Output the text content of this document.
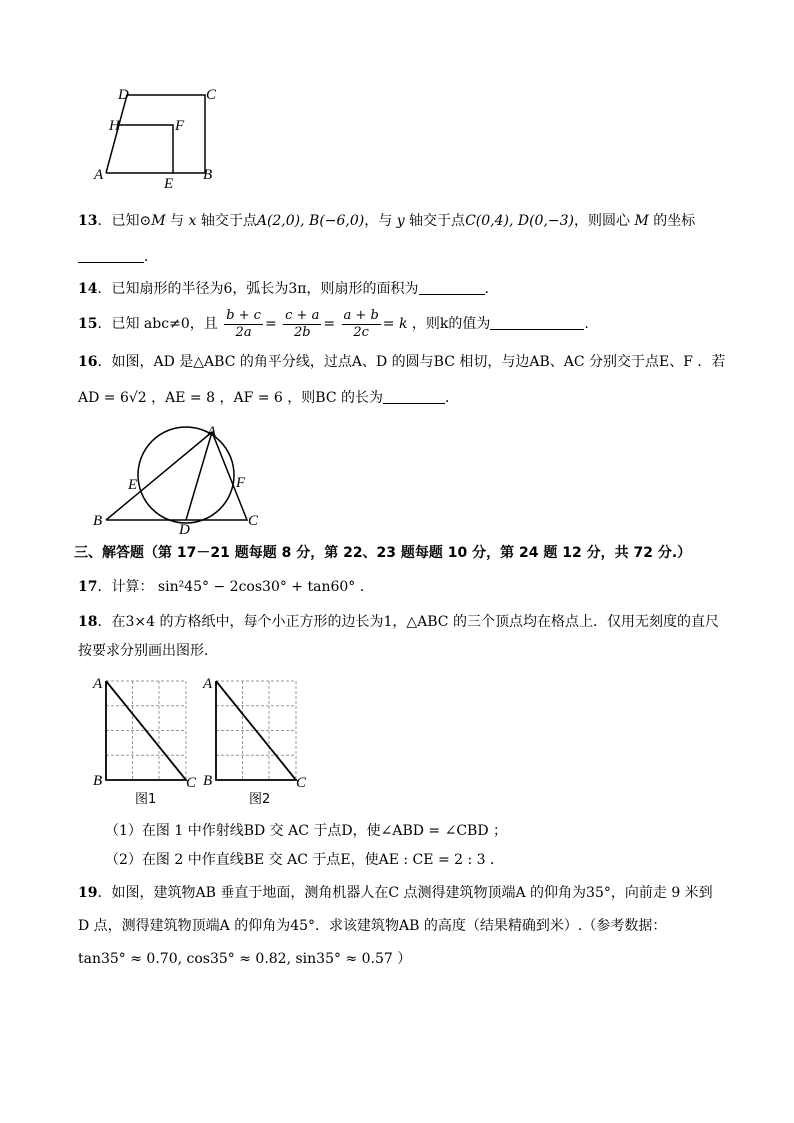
D	C
H	F
A
E
B
13．已知⊙M 与 x 轴交于点A(2,0), B(−6,0)，与 y 轴交于点C(0,4), D(0,−3)，则圆心 M 的坐标
．
14．已知扇形的半径为6，弧长为3π，则扇形的面积为	.
15．已知 abc≠0，且 $\frac{b + c}{2a} = \frac{c + a}{2b} = \frac{a + b}{2c} = k$ ，则k的值为	.
16．如图，AD 是△ABC 的角平分线，过点A、D 的圆与BC 相切，与边AB、AC 分别交于点E、F ．若
AD = 6√2 ，AE = 8 ，AF = 6 ，则BC 的长为	．
A
E	F
B
D
C
三、解答题（第 17－21 题每题 8 分，第 22、23 题每题 10 分，第 24 题 12 分，共 72 分.）
17．计算： sin²45° − 2cos30° + tan60° ．
18．在3×4 的方格纸中，每个小正方形的边长为1，△ABC 的三个顶点均在格点上．仅用无刻度的直尺
按要求分别画出图形．
A
B	C
A
B	C
图1	图2
（1）在图 1 中作射线BD 交 AC 于点D，使∠ABD = ∠CBD ；
（2）在图 2 中作直线BE 交 AC 于点E，使AE : CE = 2 : 3 ．
19．如图，建筑物AB 垂直于地面，测角机器人在C 点测得建筑物顶端A 的仰角为35°，向前走 9 米到
D 点，测得建筑物顶端A 的仰角为45°．求该建筑物AB 的高度（结果精确到米）.（参考数据：
tan35° ≈ 0.70, cos35° ≈ 0.82, sin35° ≈ 0.57 ）
